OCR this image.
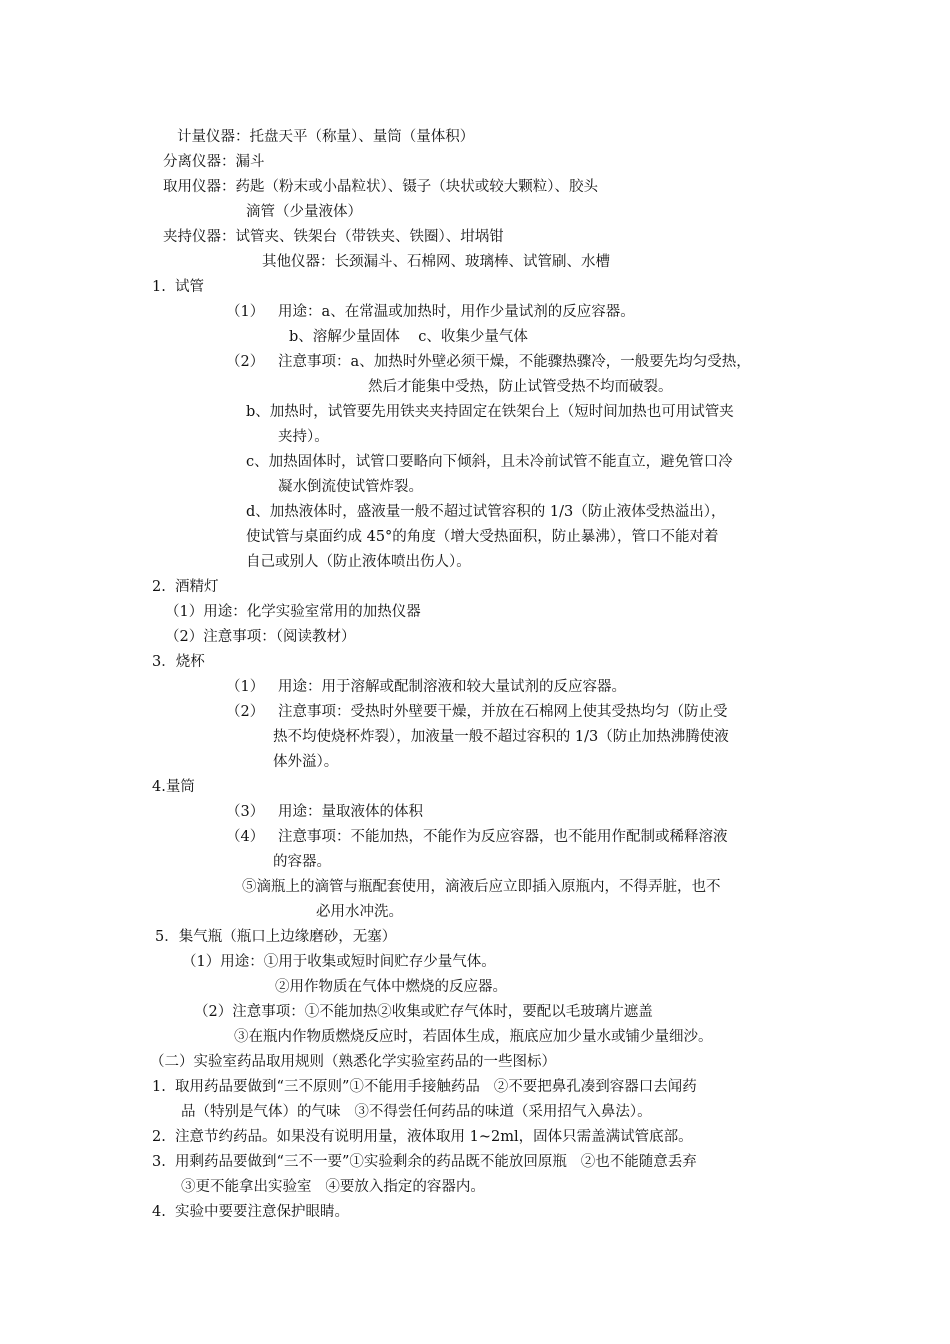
计量仪器：托盘天平（称量）、量筒（量体积）
分离仪器：漏斗
取用仪器：药匙（粉末或小晶粒状）、镊子（块状或较大颗粒）、胶头
滴管（少量液体）
夹持仪器：试管夹、铁架台（带铁夹、铁圈）、坩埚钳
其他仪器：长颈漏斗、石棉网、玻璃棒、试管刷、水槽
1.  试管
（1）   用途：a、在常温或加热时，用作少量试剂的反应容器。
b、溶解少量固体    c、收集少量气体
（2）   注意事项：a、加热时外壁必须干燥，不能骤热骤冷，一般要先均匀受热，
然后才能集中受热，防止试管受热不均而破裂。
b、加热时，试管要先用铁夹夹持固定在铁架台上（短时间加热也可用试管夹
夹持）。
c、加热固体时，试管口要略向下倾斜，且未冷前试管不能直立，避免管口冷
凝水倒流使试管炸裂。
d、加热液体时，盛液量一般不超过试管容积的 1/3（防止液体受热溢出），
使试管与桌面约成 45°的角度（增大受热面积，防止暴沸），管口不能对着
自己或别人（防止液体喷出伤人）。
2.  酒精灯
（1）用途：化学实验室常用的加热仪器
（2）注意事项：（阅读教材）
3．烧杯
（1）   用途：用于溶解或配制溶液和较大量试剂的反应容器。
（2）   注意事项：受热时外壁要干燥，并放在石棉网上使其受热均匀（防止受
热不均使烧杯炸裂），加液量一般不超过容积的 1/3（防止加热沸腾使液
体外溢）。
4.量筒
（3）   用途：量取液体的体积
（4）   注意事项：不能加热，不能作为反应容器，也不能用作配制或稀释溶液
的容器。
⑤滴瓶上的滴管与瓶配套使用，滴液后应立即插入原瓶内，不得弄脏，也不
必用水冲洗。
5．集气瓶（瓶口上边缘磨砂，无塞）
（1）用途：①用于收集或短时间贮存少量气体。
②用作物质在气体中燃烧的反应器。
（2）注意事项：①不能加热②收集或贮存气体时，要配以毛玻璃片遮盖
③在瓶内作物质燃烧反应时，若固体生成，瓶底应加少量水或铺少量细沙。
（二）实验室药品取用规则（熟悉化学实验室药品的一些图标）
1.  取用药品要做到“三不原则”①不能用手接触药品   ②不要把鼻孔凑到容器口去闻药
品（特别是气体）的气味   ③不得尝任何药品的味道（采用招气入鼻法）。
2.  注意节约药品。如果没有说明用量，液体取用 1~2ml，固体只需盖满试管底部。
3.  用剩药品要做到“三不一要”①实验剩余的药品既不能放回原瓶   ②也不能随意丢弃
③更不能拿出实验室   ④要放入指定的容器内。
4.  实验中要要注意保护眼睛。
